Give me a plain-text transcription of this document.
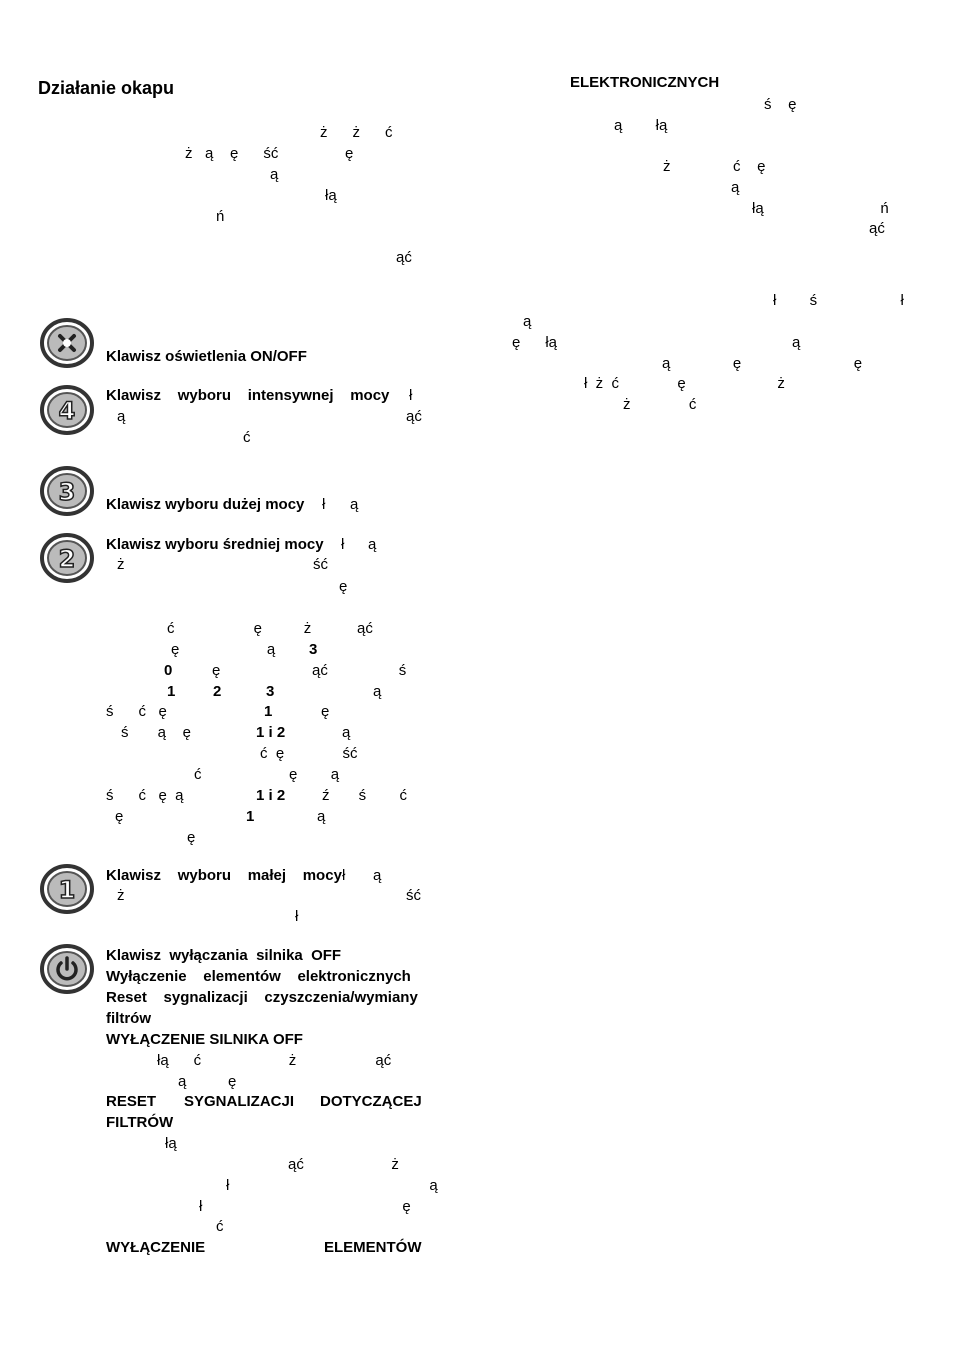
Działanie okapu
ż      ż      ć
ż   ą    ę      ść                ę
ą
łą
ń
ąć
Klawisz oświetlenia ON/OFF
4
Klawisz    wyboru    intensywnej    mocy ł
ą	ąć
ć
3 Klawisz wyboru dużej mocy ł ą
2
Klawisz wyboru średniej mocy ł ą
ż	ść
ę
ć                   ę          ż           ąć
ę                     ą 3
0	ę                      ąć                 ś
1	2	3	ą
ś      ć   ę	1	ę
ś       ą    ę	1 i 2	ą
ć  ę              ść
ć                     ę        ą
ś      ć   ę  ą	1 i 2 ź       ś        ć
ę	1	ą
ę
1
Klawisz    wyboru    małej    mocy ł ą
ż	ść
ł
Klawisz  wyłączania  silnika  OFF
Wyłączenie    elementów    elektronicznych
Reset    sygnalizacji    czyszczenia/wymiany
filtrów
WYŁĄCZENIE SILNIKA OFF
łą      ć                     ż                   ąć
ą          ę
RESET SYGNALIZACJI DOTYCZĄCEJ
FILTRÓW
łą
ąć                     ż
ł                                                ą
ł                                                ę
ć
WYŁĄCZENIE	ELEMENTÓW
ELEKTRONICZNYCH
ś    ę
ą        łą
ż               ć    ę
ą
łą                            ń
ąć
ł        ś                    ł
ą
ę      łą	ą
ą               ę                           ę
ł  ż  ć              ę                      ż
ż              ć
